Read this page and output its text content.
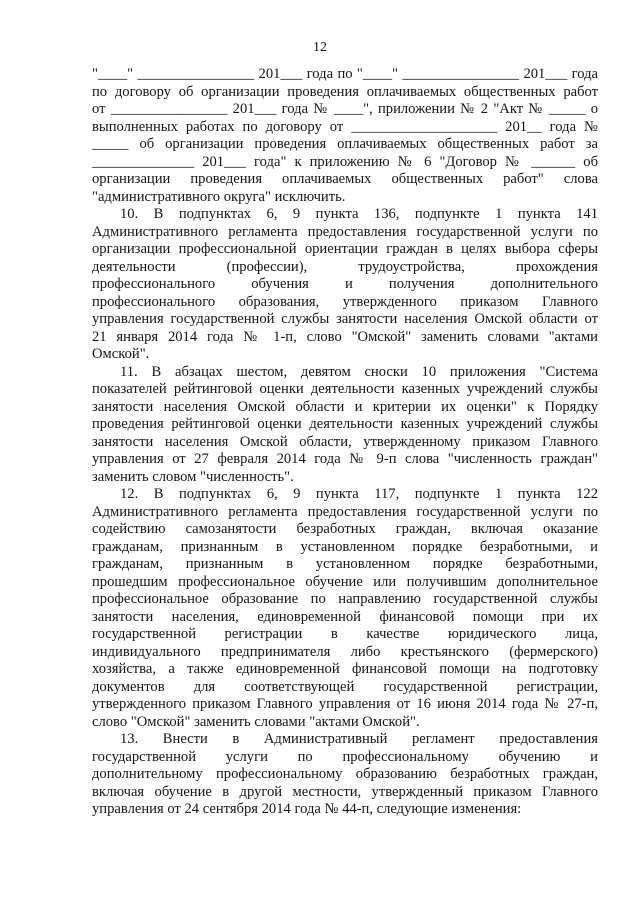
12
"____" ________________ 201___ года по "____" ________________ 201___ года
по договору об организации проведения оплачиваемых общественных работ
от ________________ 201___ года № ____", приложении № 2 "Акт № _____ о
выполненных работах по договору от ____________________ 201__ года №
_____ об организации проведения оплачиваемых общественных работ за
______________ 201___ года" к приложению № 6 "Договор № ______ об
организации проведения оплачиваемых общественных работ" слова
"административного округа" исключить.
10. В подпунктах 6, 9 пункта 136, подпункте 1 пункта 141
Административного регламента предоставления государственной услуги по
организации профессиональной ориентации граждан в целях выбора сферы
деятельности (профессии), трудоустройства, прохождения
профессионального обучения и получения дополнительного
профессионального образования, утвержденного приказом Главного
управления государственной службы занятости населения Омской области от
21 января 2014 года № 1-п, слово "Омской" заменить словами "актами
Омской".
11. В абзацах шестом, девятом сноски 10 приложения "Система
показателей рейтинговой оценки деятельности казенных учреждений службы
занятости населения Омской области и критерии их оценки" к Порядку
проведения рейтинговой оценки деятельности казенных учреждений службы
занятости населения Омской области, утвержденному приказом Главного
управления от 27 февраля 2014 года № 9-п слова "численность граждан"
заменить словом "численность".
12. В подпунктах 6, 9 пункта 117, подпункте 1 пункта 122
Административного регламента предоставления государственной услуги по
содействию самозанятости безработных граждан, включая оказание
гражданам, признанным в установленном порядке безработными, и
гражданам, признанным в установленном порядке безработными,
прошедшим профессиональное обучение или получившим дополнительное
профессиональное образование по направлению государственной службы
занятости населения, единовременной финансовой помощи при их
государственной регистрации в качестве юридического лица,
индивидуального предпринимателя либо крестьянского (фермерского)
хозяйства, а также единовременной финансовой помощи на подготовку
документов для соответствующей государственной регистрации,
утвержденного приказом Главного управления от 16 июня 2014 года № 27-п,
слово "Омской" заменить словами "актами Омской".
13. Внести в Административный регламент предоставления
государственной услуги по профессиональному обучению и
дополнительному профессиональному образованию безработных граждан,
включая обучение в другой местности, утвержденный приказом Главного
управления от 24 сентября 2014 года № 44-п, следующие изменения:
